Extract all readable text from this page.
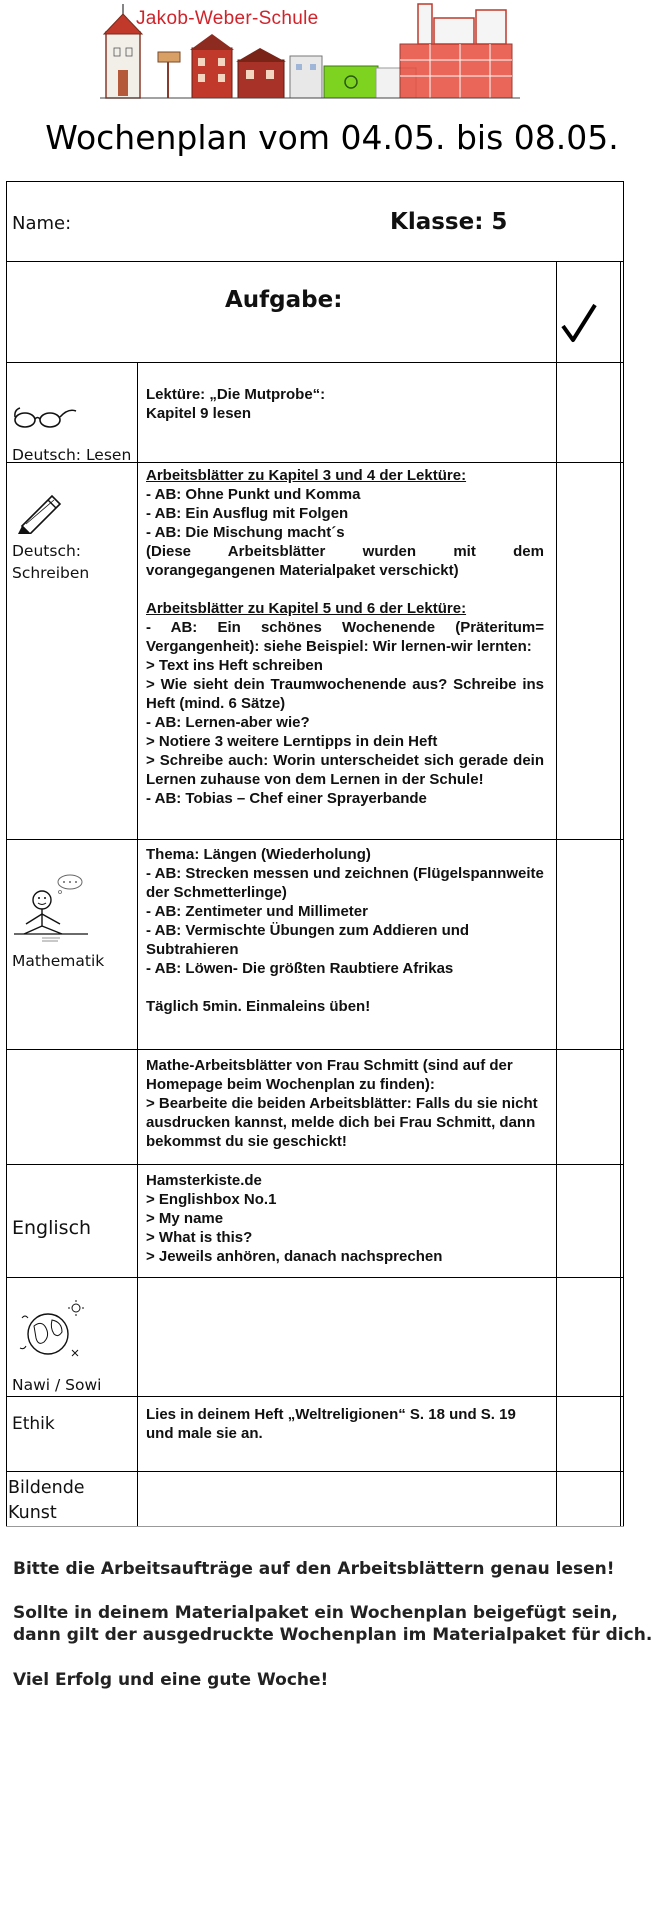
Jakob-Weber-Schule
Wochenplan vom 04.05. bis 08.05.
Name:	Klasse: 5
Aufgabe:
Deutsch: Lesen

Lektüre: „Die Mutprobe“:

Kapitel 9 lesen

Deutsch:
Schreiben

Arbeitsblätter zu Kapitel 3 und 4 der Lektüre:

- AB: Ohne Punkt und Komma

- AB: Ein Ausflug mit Folgen

- AB: Die Mischung macht´s

(Diese Arbeitsblätter wurden mit dem vorangegangenen Materialpaket verschickt)

Arbeitsblätter zu Kapitel 5 und 6 der Lektüre:

- AB: Ein schönes Wochenende (Präteritum= Vergangenheit): siehe Beispiel: Wir lernen-wir lernten:

> Text ins Heft schreiben

> Wie sieht dein Traumwochenende aus? Schreibe ins Heft (mind. 6 Sätze)

- AB: Lernen-aber wie?

> Notiere 3 weitere Lerntipps in dein Heft

> Schreibe auch: Worin unterscheidet sich gerade dein Lernen zuhause von dem Lernen in der Schule!

- AB: Tobias – Chef einer Sprayerbande

Mathematik

Thema: Längen (Wiederholung)

- AB: Strecken messen und zeichnen (Flügelspannweite der Schmetterlinge)

- AB: Zentimeter und Millimeter

- AB: Vermischte Übungen zum Addieren und Subtrahieren

- AB: Löwen- Die größten Raubtiere Afrikas

Täglich 5min. Einmaleins üben!

Mathe-Arbeitsblätter von Frau Schmitt (sind auf der Homepage beim Wochenplan zu finden):

> Bearbeite die beiden Arbeitsblätter: Falls du sie nicht ausdrucken kannst, melde dich bei Frau Schmitt, dann bekommst du sie geschickt!

Englisch

Hamsterkiste.de

> Englishbox No.1

> My name

> What is this?

> Jeweils anhören, danach nachsprechen

Nawi / Sowi
Ethik	Lies in deinem Heft „Weltreligionen“ S. 18 und S. 19 und male sie an.

Bildende
Kunst

Bitte die Arbeitsaufträge auf den Arbeitsblättern genau lesen!

Sollte in deinem Materialpaket ein Wochenplan beigefügt sein, dann gilt der ausgedruckte Wochenplan im Materialpaket für dich.

Viel Erfolg und eine gute Woche!
